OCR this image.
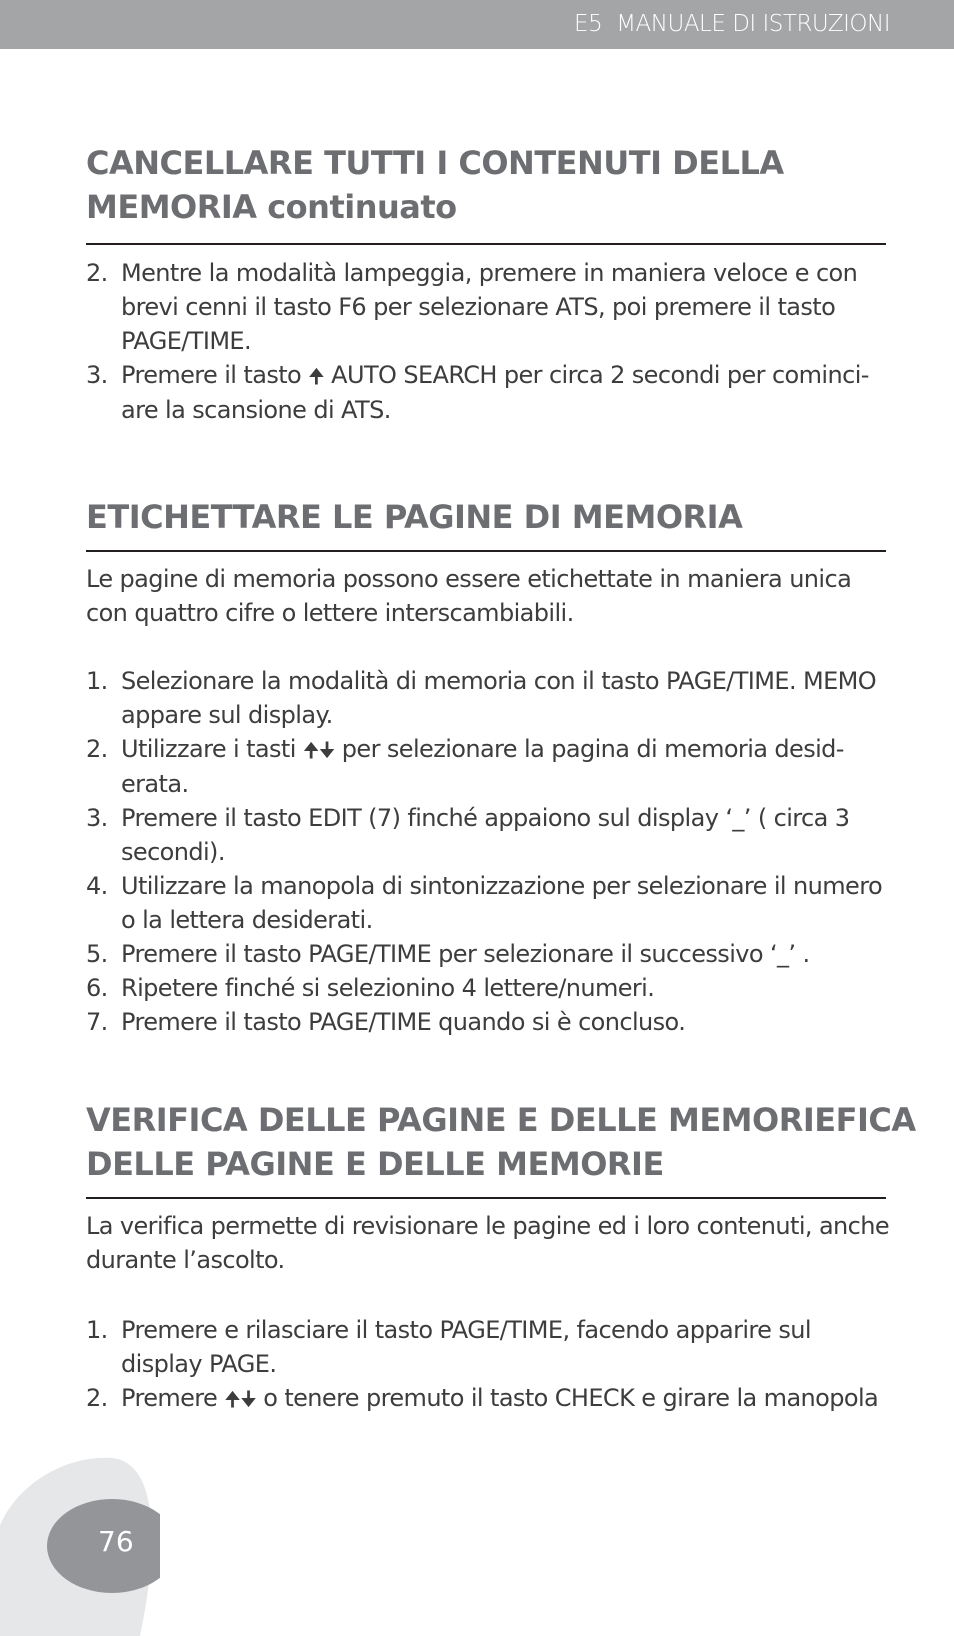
E5 MANUALE DI ISTRUZIONI
CANCELLARE TUTTI I CONTENUTI DELLA
MEMORIA continuato
2. Mentre la modalità lampeggia, premere in maniera veloce e con
brevi cenni il tasto F6 per selezionare ATS, poi premere il tasto
PAGE/TIME.
3. Premere il tasto 🠉 AUTO SEARCH per circa 2 secondi per cominci-
are la scansione di ATS.
ETICHETTARE LE PAGINE DI MEMORIA

Le pagine di memoria possono essere etichettate in maniera unica
con quattro cifre o lettere interscambiabili.

1. Selezionare la modalità di memoria con il tasto PAGE/TIME. MEMO
appare sul display.
2. Utilizzare i tasti 🠉🠋 per selezionare la pagina di memoria desid-
erata.
3. Premere il tasto EDIT (7) finché appaiono sul display ‘_’ ( circa 3
secondi).
4. Utilizzare la manopola di sintonizzazione per selezionare il numero
o la lettera desiderati.
5. Premere il tasto PAGE/TIME per selezionare il successivo ‘_’ .
6. Ripetere finché si selezionino 4 lettere/numeri.
7. Premere il tasto PAGE/TIME quando si è concluso.
VERIFICA DELLE PAGINE E DELLE MEMORIEFICA
DELLE PAGINE E DELLE MEMORIE

La verifica permette di revisionare le pagine ed i loro contenuti, anche
durante l’ascolto.

1. Premere e rilasciare il tasto PAGE/TIME, facendo apparire sul
display PAGE.
2. Premere 🠉🠋 o tenere premuto il tasto CHECK e girare la manopola
76
